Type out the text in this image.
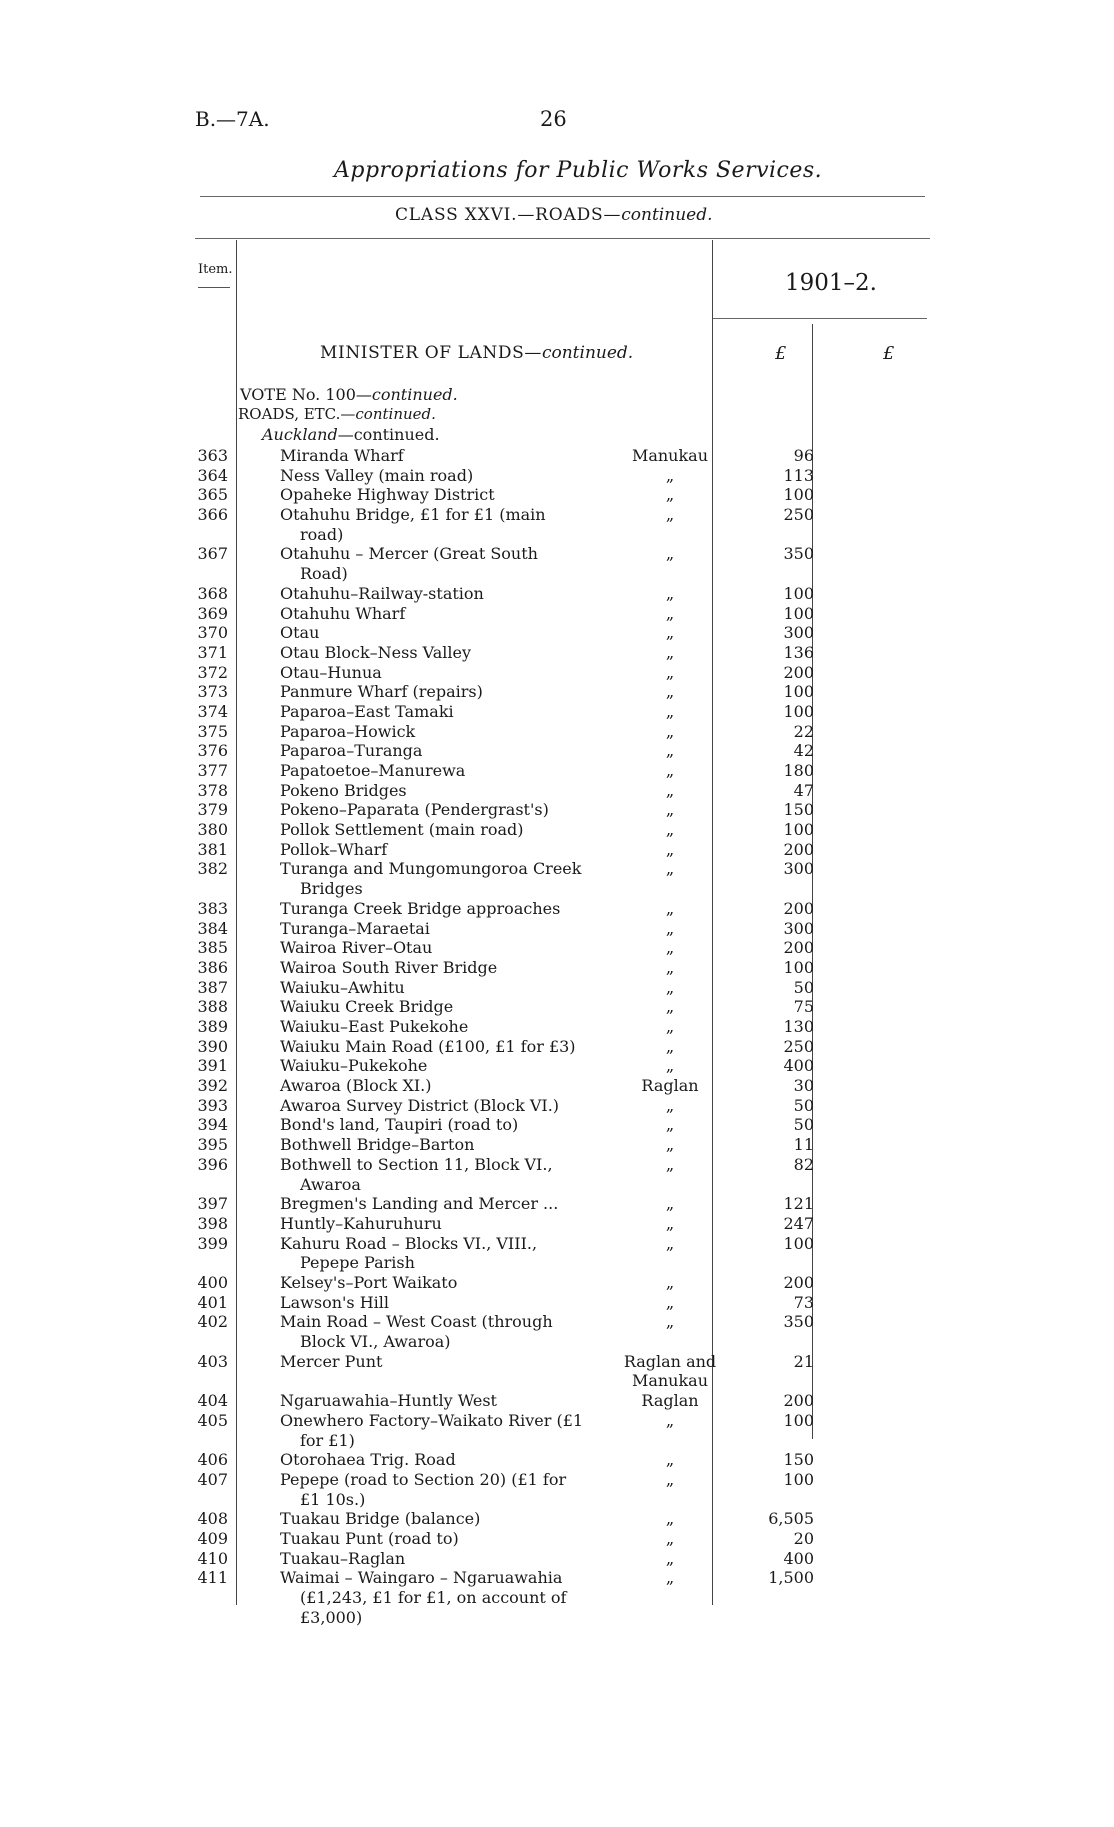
B.—7A.	26
Appropriations for Public Works Services.
CLASS XXVI.—ROADS—continued.
Item.
1901–2.
£	£
MINISTER OF LANDS—continued.
VOTE No. 100—continued.
ROADS, ETC.—continued.
Auckland—continued.
363	Miranda Wharf	Manukau	96
364	Ness Valley (main road)	„	113
365	Opaheke Highway District	„	100
366	Otahuhu Bridge, £1 for £1 (main road)
„	250
367	Otahuhu – Mercer (Great South Road)
„	350
368	Otahuhu–Railway-station	„	100
369	Otahuhu Wharf	„	100
370	Otau	„	300
371	Otau Block–Ness Valley	„	136
372	Otau–Hunua	„	200
373	Panmure Wharf (repairs)	„	100
374	Paparoa–East Tamaki	„	100
375	Paparoa–Howick	„	22
376	Paparoa–Turanga	„	42
377	Papatoetoe–Manurewa	„	180
378	Pokeno Bridges	„	47
379	Pokeno–Paparata (Pendergrast's)	„	150
380	Pollok Settlement (main road)	„	100
381	Pollok–Wharf	„	200
382	Turanga and Mungomungoroa Creek Bridges
„	300
383	Turanga Creek Bridge approaches	„	200
384	Turanga–Maraetai	„	300
385	Wairoa River–Otau	„	200
386	Wairoa South River Bridge	„	100
387	Waiuku–Awhitu	„	50
388	Waiuku Creek Bridge	„	75
389	Waiuku–East Pukekohe	„	130
390	Waiuku Main Road (£100, £1 for £3)	„	250
391	Waiuku–Pukekohe	„	400
392	Awaroa (Block XI.)	Raglan	30
393	Awaroa Survey District (Block VI.)	„	50
394	Bond's land, Taupiri (road to)	„	50
395	Bothwell Bridge–Barton	„	11
396	Bothwell to Section 11, Block VI., Awaroa
„	82
397	Bregmen's Landing and Mercer ...	„	121
398	Huntly–Kahuruhuru	„	247
399	Kahuru Road – Blocks VI., VIII., Pepepe Parish
„	100
400	Kelsey's–Port Waikato	„	200
401	Lawson's Hill	„	73
402	Main Road – West Coast (through Block VI., Awaroa)
„	350
403	Mercer Punt	Raglan and Manukau
21
404	Ngaruawahia–Huntly West	Raglan	200
405	Onewhero Factory–Waikato River (£1 for £1)
„	100
406	Otorohaea Trig. Road	„	150
407	Pepepe (road to Section 20) (£1 for £1 10s.)
„	100
408	Tuakau Bridge (balance)	„	6,505
409	Tuakau Punt (road to)	„	20
410	Tuakau–Raglan	„	400
411	Waimai – Waingaro – Ngaruawahia (£1,243, £1 for £1, on account of £3,000)
„	1,500
